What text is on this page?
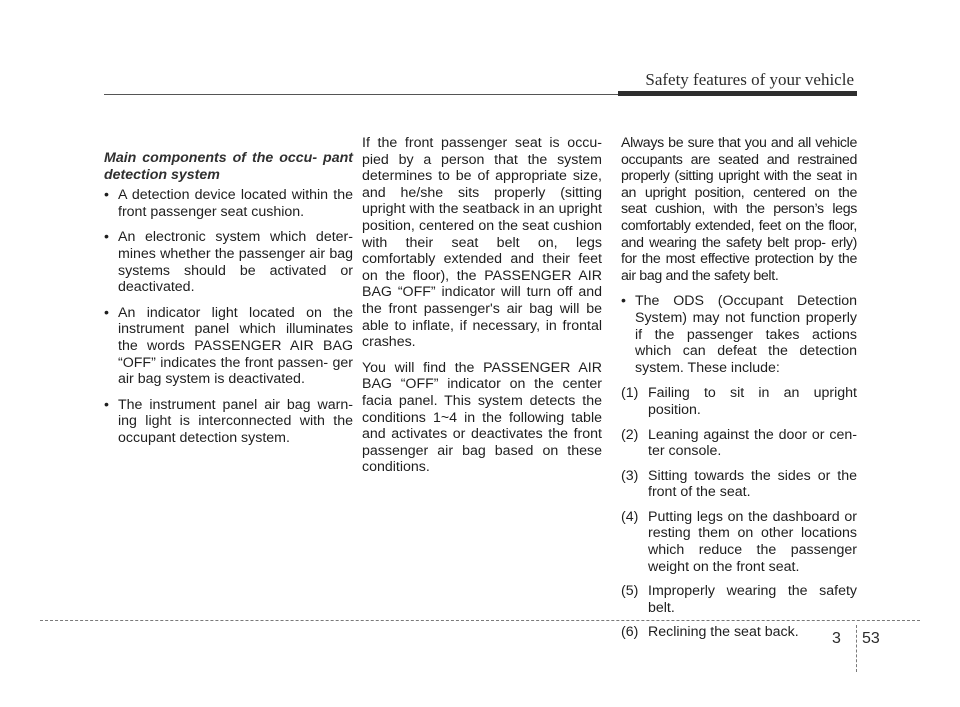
Safety features of your vehicle
Main components of the occu- pant detection system
• A detection device located within the front passenger seat cushion.
• An electronic system which deter- mines whether the passenger air bag systems should be activated or deactivated.
• An indicator light located on the instrument panel which illuminates the words PASSENGER AIR BAG “OFF” indicates the front passen- ger air bag system is deactivated.
• The instrument panel air bag warn- ing light is interconnected with the occupant detection system.

If the front passenger seat is occu- pied by a person that the system determines to be of appropriate size, and he/she sits properly (sitting upright with the seatback in an upright position, centered on the seat cushion with their seat belt on, legs comfortably extended and their feet on the floor), the PASSENGER AIR BAG “OFF” indicator will turn off and the front passenger's air bag will be able to inflate, if necessary, in frontal crashes.

You will find the PASSENGER AIR BAG “OFF” indicator on the center facia panel. This system detects the conditions 1~4 in the following table and activates or deactivates the front passenger air bag based on these conditions.

Always be sure that you and all vehicle occupants are seated and restrained properly (sitting upright with the seat in an upright position, centered on the seat cushion, with the person’s legs comfortably extended, feet on the floor, and wearing the safety belt prop- erly) for the most effective protection by the air bag and the safety belt.

• The ODS (Occupant Detection System) may not function properly if the passenger takes actions which can defeat the detection system. These include:
(1) Failing to sit in an upright position.
(2) Leaning against the door or cen- ter console.
(3) Sitting towards the sides or the front of the seat.
(4) Putting legs on the dashboard or resting them on other locations which reduce the passenger weight on the front seat.
(5) Improperly wearing the safety belt.
(6) Reclining the seat back.	3 53
